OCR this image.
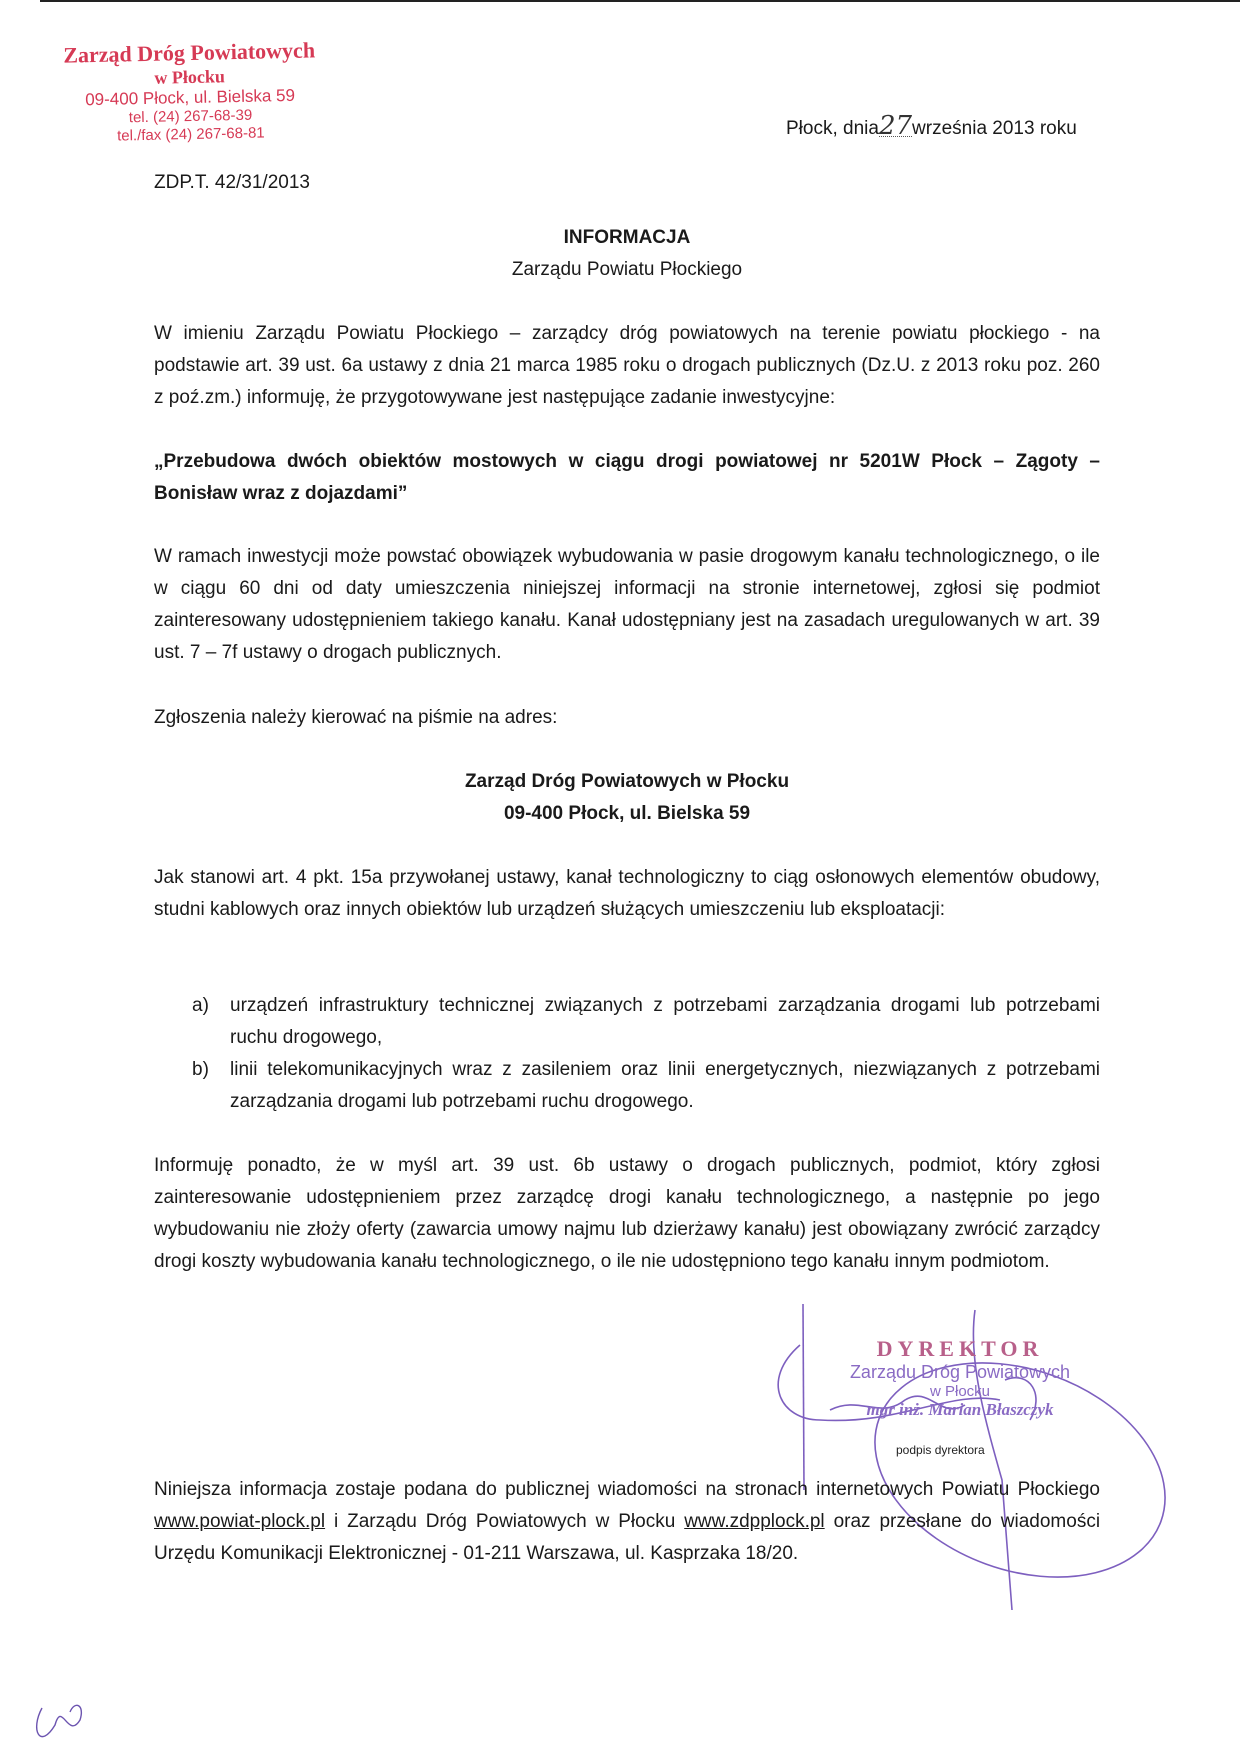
Zarząd Dróg Powiatowych
w Płocku
09-400 Płock, ul. Bielska 59
tel. (24) 267-68-39
tel./fax (24) 267-68-81	Płock, dnia27września 2013 roku
ZDP.T. 42/31/2013
INFORMACJA
Zarządu Powiatu Płockiego
W imieniu Zarządu Powiatu Płockiego – zarządcy dróg powiatowych na terenie powiatu płockiego - na podstawie art. 39 ust. 6a ustawy z dnia 21 marca 1985 roku o drogach publicznych (Dz.U. z 2013 roku poz. 260 z poź.zm.) informuję, że przygotowywane jest następujące zadanie inwestycyjne:
„Przebudowa dwóch obiektów mostowych w ciągu drogi powiatowej nr 5201W Płock – Zągoty – Bonisław wraz z dojazdami”
W ramach inwestycji może powstać obowiązek wybudowania w pasie drogowym kanału technologicznego, o ile w ciągu 60 dni od daty umieszczenia niniejszej informacji na stronie internetowej, zgłosi się podmiot zainteresowany udostępnieniem takiego kanału. Kanał udostępniany jest na zasadach uregulowanych w art. 39 ust. 7 – 7f ustawy o drogach publicznych.
Zgłoszenia należy kierować na piśmie na adres:
Zarząd Dróg Powiatowych w Płocku
09-400 Płock, ul. Bielska 59
Jak stanowi art. 4 pkt. 15a przywołanej ustawy, kanał technologiczny to ciąg osłonowych elementów obudowy, studni kablowych oraz innych obiektów lub urządzeń służących umieszczeniu lub eksploatacji:
a) urządzeń infrastruktury technicznej związanych z potrzebami zarządzania drogami lub potrzebami ruchu drogowego,
b) linii telekomunikacyjnych wraz z zasileniem oraz linii energetycznych, niezwiązanych z potrzebami zarządzania drogami lub potrzebami ruchu drogowego.
Informuję ponadto, że w myśl art. 39 ust. 6b ustawy o drogach publicznych, podmiot, który zgłosi zainteresowanie udostępnieniem przez zarządcę drogi kanału technologicznego, a następnie po jego wybudowaniu nie złoży oferty (zawarcia umowy najmu lub dzierżawy kanału) jest obowiązany zwrócić zarządcy drogi koszty wybudowania kanału technologicznego, o ile nie udostępniono tego kanału innym podmiotom.
DYREKTOR
Zarządu Dróg Powiatowych
w Płocku
mgr inż. Marian Błaszczyk
podpis dyrektora
Niniejsza informacja zostaje podana do publicznej wiadomości na stronach internetowych Powiatu Płockiego www.powiat-plock.pl i Zarządu Dróg Powiatowych w Płocku www.zdpplock.pl oraz przesłane do wiadomości Urzędu Komunikacji Elektronicznej - 01-211 Warszawa, ul. Kasprzaka 18/20.
